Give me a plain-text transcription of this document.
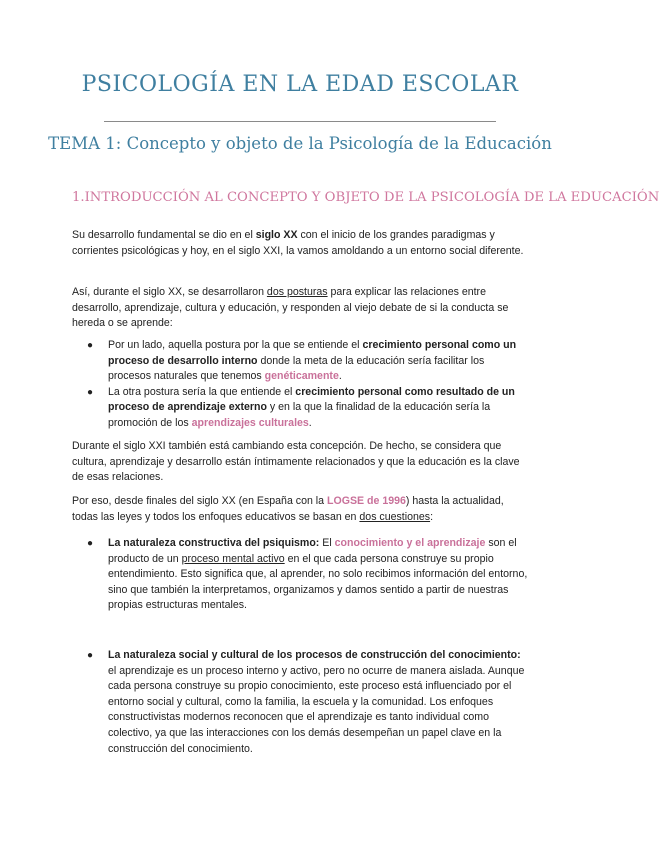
PSICOLOGÍA EN LA EDAD ESCOLAR
TEMA 1: Concepto y objeto de la Psicología de la Educación
1.INTRODUCCIÓN AL CONCEPTO Y OBJETO DE LA PSICOLOGÍA DE LA EDUCACIÓN

Su desarrollo fundamental se dio en el siglo XX con el inicio de los grandes paradigmas y corrientes psicológicas y hoy, en el siglo XXI, la vamos amoldando a un entorno social diferente.

Así, durante el siglo XX, se desarrollaron dos posturas para explicar las relaciones entre desarrollo, aprendizaje, cultura y educación, y responden al viejo debate de si la conducta se hereda o se aprende:

● Por un lado, aquella postura por la que se entiende el crecimiento personal como un proceso de desarrollo interno donde la meta de la educación sería facilitar los procesos naturales que tenemos genéticamente.
● La otra postura sería la que entiende el crecimiento personal como resultado de un proceso de aprendizaje externo y en la que la finalidad de la educación sería la promoción de los aprendizajes culturales.

Durante el siglo XXI también está cambiando esta concepción. De hecho, se considera que cultura, aprendizaje y desarrollo están íntimamente relacionados y que la educación es la clave de esas relaciones.

Por eso, desde finales del siglo XX (en España con la LOGSE de 1996) hasta la actualidad, todas las leyes y todos los enfoques educativos se basan en dos cuestiones:

● La naturaleza constructiva del psiquismo: El conocimiento y el aprendizaje son el producto de un proceso mental activo en el que cada persona construye su propio entendimiento. Esto significa que, al aprender, no solo recibimos información del entorno, sino que también la interpretamos, organizamos y damos sentido a partir de nuestras propias estructuras mentales.
● La naturaleza social y cultural de los procesos de construcción del conocimiento: el aprendizaje es un proceso interno y activo, pero no ocurre de manera aislada. Aunque cada persona construye su propio conocimiento, este proceso está influenciado por el entorno social y cultural, como la familia, la escuela y la comunidad. Los enfoques constructivistas modernos reconocen que el aprendizaje es tanto individual como colectivo, ya que las interacciones con los demás desempeñan un papel clave en la construcción del conocimiento.
